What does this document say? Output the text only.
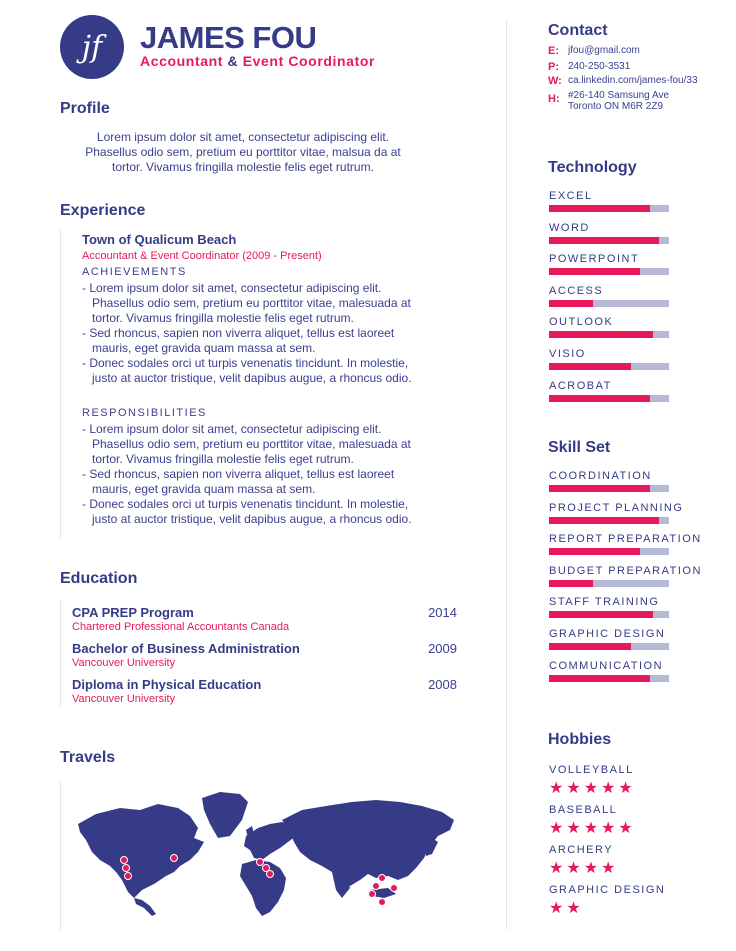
jf	JAMES FOU
Accountant & Event Coordinator
Profile
Lorem ipsum dolor sit amet, consectetur adipiscing elit. Phasellus odio sem, pretium eu porttitor vitae, malsua da at tortor. Vivamus fringilla molestie felis eget rutrum.
Experience
Town of Qualicum Beach
Accountant & Event Coordinator (2009 - Present)
ACHIEVEMENTS
- Lorem ipsum dolor sit amet, consectetur adipiscing elit. Phasellus odio sem, pretium eu porttitor vitae, malesuada at tortor. Vivamus fringilla molestie felis eget rutrum.
- Sed rhoncus, sapien non viverra aliquet, tellus est laoreet mauris, eget gravida quam massa at sem.
- Donec sodales orci ut turpis venenatis tincidunt. In molestie, justo at auctor tristique, velit dapibus augue, a rhoncus odio.
RESPONSIBILITIES
- Lorem ipsum dolor sit amet, consectetur adipiscing elit. Phasellus odio sem, pretium eu porttitor vitae, malesuada at tortor. Vivamus fringilla molestie felis eget rutrum.
- Sed rhoncus, sapien non viverra aliquet, tellus est laoreet mauris, eget gravida quam massa at sem.
- Donec sodales orci ut turpis venenatis tincidunt. In molestie, justo at auctor tristique, velit dapibus augue, a rhoncus odio.
Education
CPA PREP Program
Chartered Professional Accountants Canada
2014
Bachelor of Business Administration
Vancouver University
2009
Diploma in Physical Education
Vancouver University
2008
Travels
Contact
E: jfou@gmail.com
P: 240-250-3531
W: ca.linkedin.com/james-fou/33
H: #26-140 Samsung Ave
Toronto ON M6R 2Z9
Technology
EXCEL
WORD
POWERPOINT
ACCESS
OUTLOOK
VISIO
ACROBAT
Skill Set
COORDINATION
PROJECT PLANNING
REPORT PREPARATION
BUDGET PREPARATION
STAFF TRAINING
GRAPHIC DESIGN
COMMUNICATION
Hobbies
VOLLEYBALL
★★★★★
BASEBALL
★★★★★
ARCHERY
★★★★
GRAPHIC DESIGN
★★
